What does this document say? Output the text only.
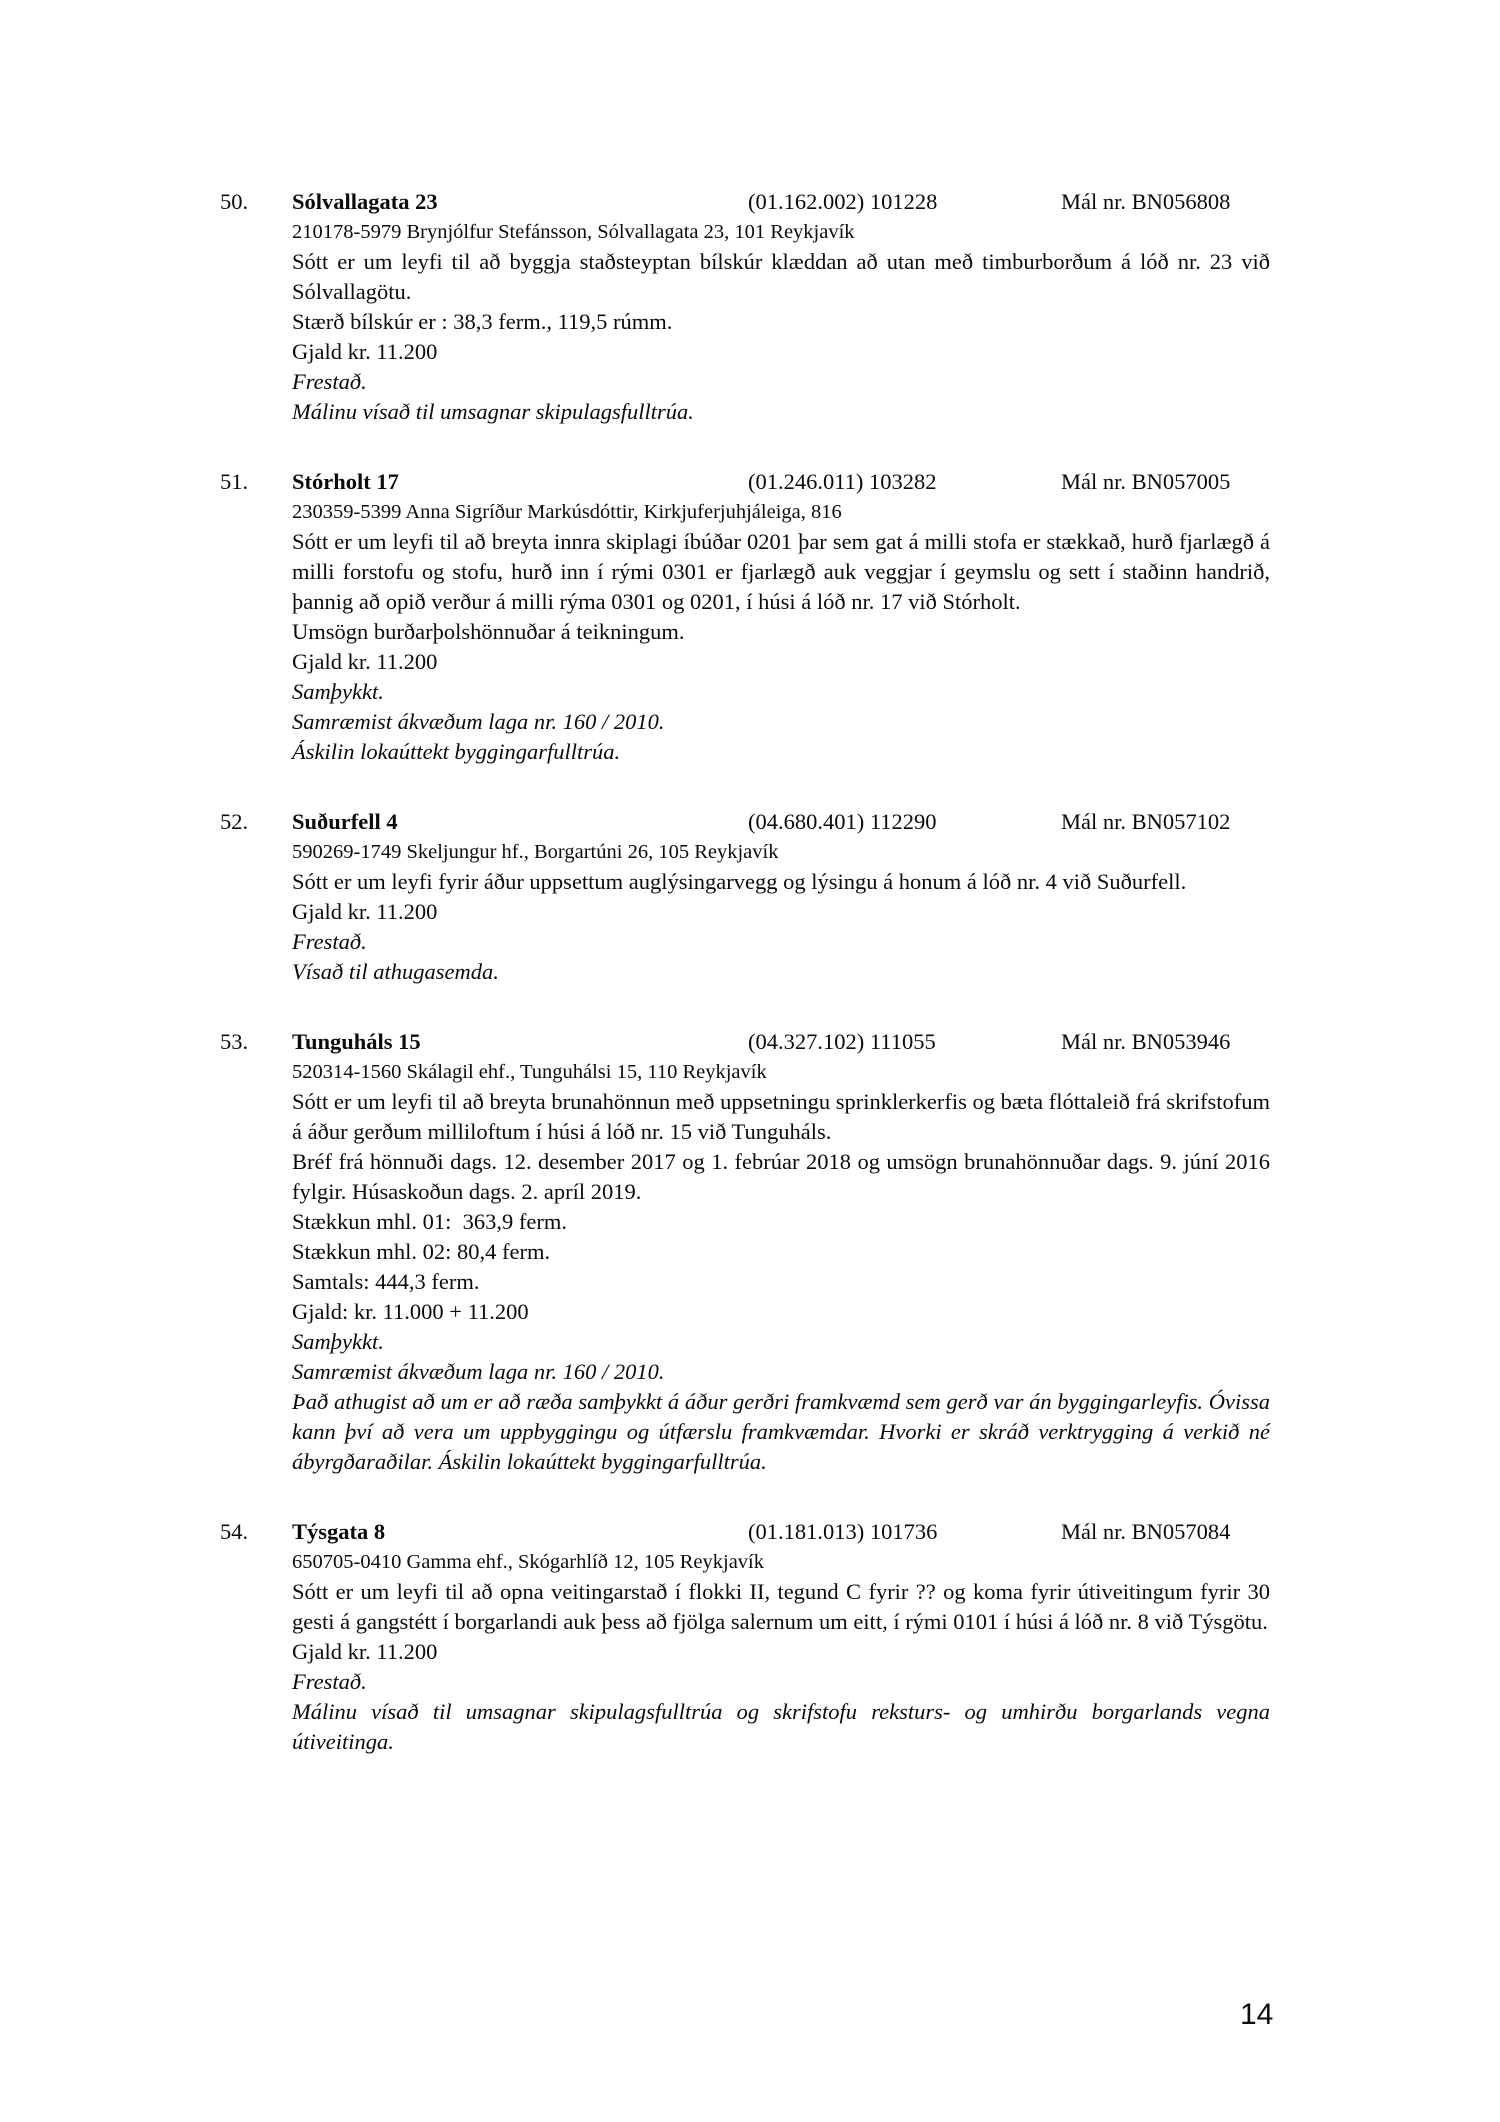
50. Sólvallagata 23	(01.162.002) 101228	Mál nr. BN056808

210178-5979 Brynjólfur Stefánsson, Sólvallagata 23, 101 Reykjavík

Sótt er um leyfi til að byggja staðsteyptan bílskúr klæddan að utan með timburborðum á lóð nr. 23 við Sólvallagötu.

Stærð bílskúr er : 38,3 ferm., 119,5 rúmm.

Gjald kr. 11.200

Frestað.

Málinu vísað til umsagnar skipulagsfulltrúa.

51. Stórholt 17	(01.246.011) 103282	Mál nr. BN057005

230359-5399 Anna Sigríður Markúsdóttir, Kirkjuferjuhjáleiga, 816

Sótt er um leyfi til að breyta innra skiplagi íbúðar 0201 þar sem gat á milli stofa er stækkað, hurð fjarlægð á milli forstofu og stofu, hurð inn í rými 0301 er fjarlægð auk veggjar í geymslu og sett í staðinn handrið, þannig að opið verður á milli rýma 0301 og 0201, í húsi á lóð nr. 17 við Stórholt.

Umsögn burðarþolshönnuðar á teikningum.

Gjald kr. 11.200

Samþykkt.

Samræmist ákvæðum laga nr. 160 / 2010.

Áskilin lokaúttekt byggingarfulltrúa.

52. Suðurfell 4	(04.680.401) 112290	Mál nr. BN057102

590269-1749 Skeljungur hf., Borgartúni 26, 105 Reykjavík

Sótt er um leyfi fyrir áður uppsettum auglýsingarvegg og lýsingu á honum á lóð nr. 4 við Suðurfell.

Gjald kr. 11.200

Frestað.

Vísað til athugasemda.

53. Tunguháls 15	(04.327.102) 111055	Mál nr. BN053946

520314-1560 Skálagil ehf., Tunguhálsi 15, 110 Reykjavík

Sótt er um leyfi til að breyta brunahönnun með uppsetningu sprinklerkerfis og bæta flóttaleið frá skrifstofum á áður gerðum milliloftum í húsi á lóð nr. 15 við Tunguháls.

Bréf frá hönnuði dags. 12. desember 2017 og 1. febrúar 2018 og umsögn brunahönnuðar dags. 9. júní 2016 fylgir. Húsaskoðun dags. 2. apríl 2019.

Stækkun mhl. 01:  363,9 ferm.

Stækkun mhl. 02: 80,4 ferm.

Samtals: 444,3 ferm.

Gjald: kr. 11.000 + 11.200

Samþykkt.

Samræmist ákvæðum laga nr. 160 / 2010.

Það athugist að um er að ræða samþykkt á áður gerðri framkvæmd sem gerð var án byggingarleyfis. Óvissa kann því að vera um uppbyggingu og útfærslu framkvæmdar. Hvorki er skráð verktrygging á verkið né ábyrgðaraðilar. Áskilin lokaúttekt byggingarfulltrúa.

54. Týsgata 8	(01.181.013) 101736	Mál nr. BN057084

650705-0410 Gamma ehf., Skógarhlíð 12, 105 Reykjavík

Sótt er um leyfi til að opna veitingarstað í flokki II, tegund C fyrir ?? og koma fyrir útiveitingum fyrir 30 gesti á gangstétt í borgarlandi auk þess að fjölga salernum um eitt, í rými 0101 í húsi á lóð nr. 8 við Týsgötu.

Gjald kr. 11.200

Frestað.

Málinu vísað til umsagnar skipulagsfulltrúa og skrifstofu reksturs- og umhirðu borgarlands vegna útiveitinga.

14
